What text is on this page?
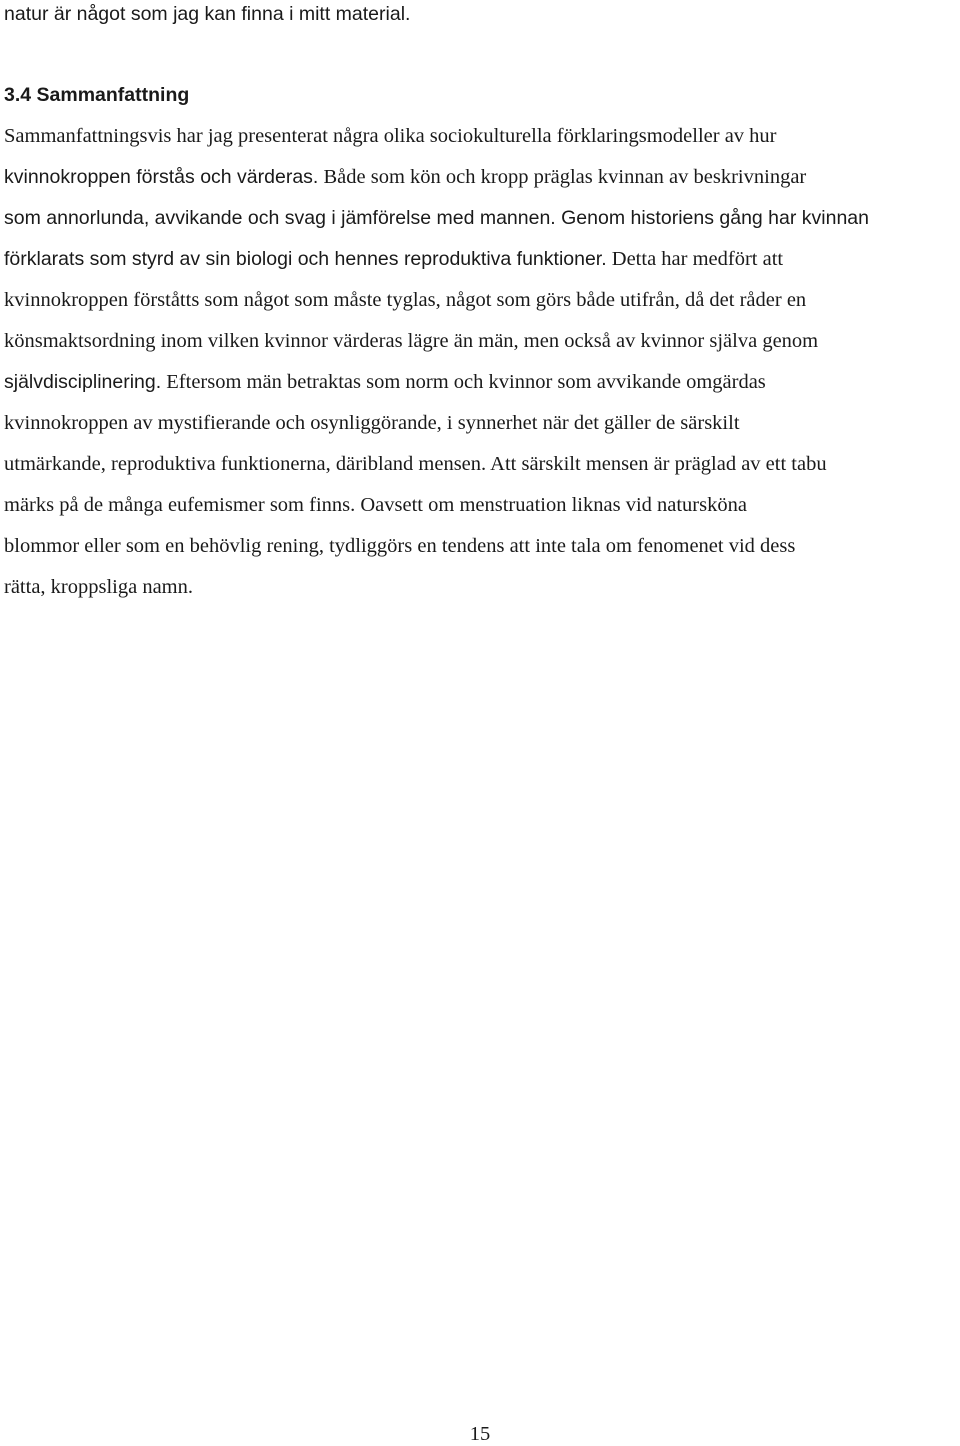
natur är något som jag kan finna i mitt material.
3.4 Sammanfattning
Sammanfattningsvis har jag presenterat några olika sociokulturella förklaringsmodeller av hur
kvinnokroppen förstås och värderas. Både som kön och kropp präglas kvinnan av beskrivningar
som annorlunda, avvikande och svag i jämförelse med mannen. Genom historiens gång har kvinnan
förklarats som styrd av sin biologi och hennes reproduktiva funktioner. Detta har medfört att
kvinnokroppen förståtts som något som måste tyglas, något som görs både utifrån, då det råder en
könsmaktsordning inom vilken kvinnor värderas lägre än män, men också av kvinnor själva genom
självdisciplinering. Eftersom män betraktas som norm och kvinnor som avvikande omgärdas
kvinnokroppen av mystifierande och osynliggörande, i synnerhet när det gäller de särskilt
utmärkande, reproduktiva funktionerna, däribland mensen. Att särskilt mensen är präglad av ett tabu
märks på de många eufemismer som finns. Oavsett om menstruation liknas vid natursköna
blommor eller som en behövlig rening, tydliggörs en tendens att inte tala om fenomenet vid dess
rätta, kroppsliga namn.
15
